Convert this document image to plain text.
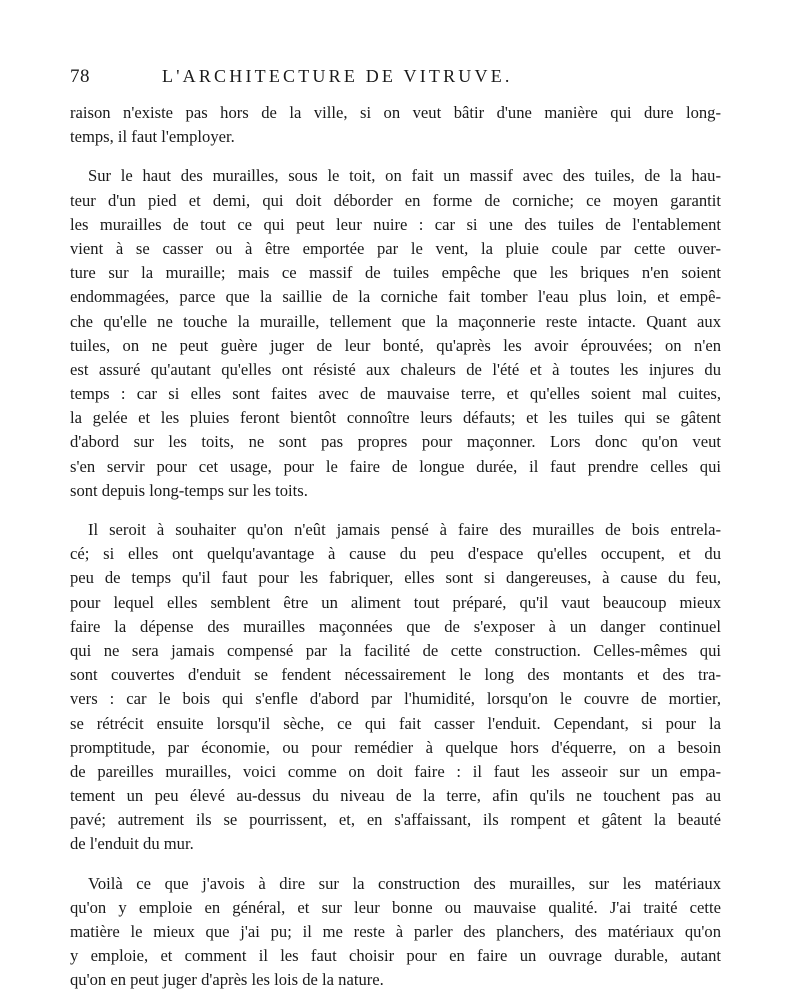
78	L'ARCHITECTURE DE VITRUVE.
raison n'existe pas hors de la ville, si on veut bâtir d'une manière qui dure long-
temps, il faut l'employer.
Sur le haut des murailles, sous le toit, on fait un massif avec des tuiles, de la hau-
teur d'un pied et demi, qui doit déborder en forme de corniche; ce moyen garantit
les murailles de tout ce qui peut leur nuire : car si une des tuiles de l'entablement
vient à se casser ou à être emportée par le vent, la pluie coule par cette ouver-
ture sur la muraille; mais ce massif de tuiles empêche que les briques n'en soient
endommagées, parce que la saillie de la corniche fait tomber l'eau plus loin, et empê-
che qu'elle ne touche la muraille, tellement que la maçonnerie reste intacte. Quant aux
tuiles, on ne peut guère juger de leur bonté, qu'après les avoir éprouvées; on n'en
est assuré qu'autant qu'elles ont résisté aux chaleurs de l'été et à toutes les injures du
temps : car si elles sont faites avec de mauvaise terre, et qu'elles soient mal cuites,
la gelée et les pluies feront bientôt connoître leurs défauts; et les tuiles qui se gâtent
d'abord sur les toits, ne sont pas propres pour maçonner. Lors donc qu'on veut
s'en servir pour cet usage, pour le faire de longue durée, il faut prendre celles qui
sont depuis long-temps sur les toits.
Il seroit à souhaiter qu'on n'eût jamais pensé à faire des murailles de bois entrela-
cé; si elles ont quelqu'avantage à cause du peu d'espace qu'elles occupent, et du
peu de temps qu'il faut pour les fabriquer, elles sont si dangereuses, à cause du feu,
pour lequel elles semblent être un aliment tout préparé, qu'il vaut beaucoup mieux
faire la dépense des murailles maçonnées que de s'exposer à un danger continuel
qui ne sera jamais compensé par la facilité de cette construction. Celles-mêmes qui
sont couvertes d'enduit se fendent nécessairement le long des montants et des tra-
vers : car le bois qui s'enfle d'abord par l'humidité, lorsqu'on le couvre de mortier,
se rétrécit ensuite lorsqu'il sèche, ce qui fait casser l'enduit. Cependant, si pour la
promptitude, par économie, ou pour remédier à quelque hors d'équerre, on a besoin
de pareilles murailles, voici comme on doit faire : il faut les asseoir sur un empa-
tement un peu élevé au-dessus du niveau de la terre, afin qu'ils ne touchent pas au
pavé; autrement ils se pourrissent, et, en s'affaissant, ils rompent et gâtent la beauté
de l'enduit du mur.
Voilà ce que j'avois à dire sur la construction des murailles, sur les matériaux
qu'on y emploie en général, et sur leur bonne ou mauvaise qualité. J'ai traité cette
matière le mieux que j'ai pu; il me reste à parler des planchers, des matériaux qu'on
y emploie, et comment il les faut choisir pour en faire un ouvrage durable, autant
qu'on en peut juger d'après les lois de la nature.
